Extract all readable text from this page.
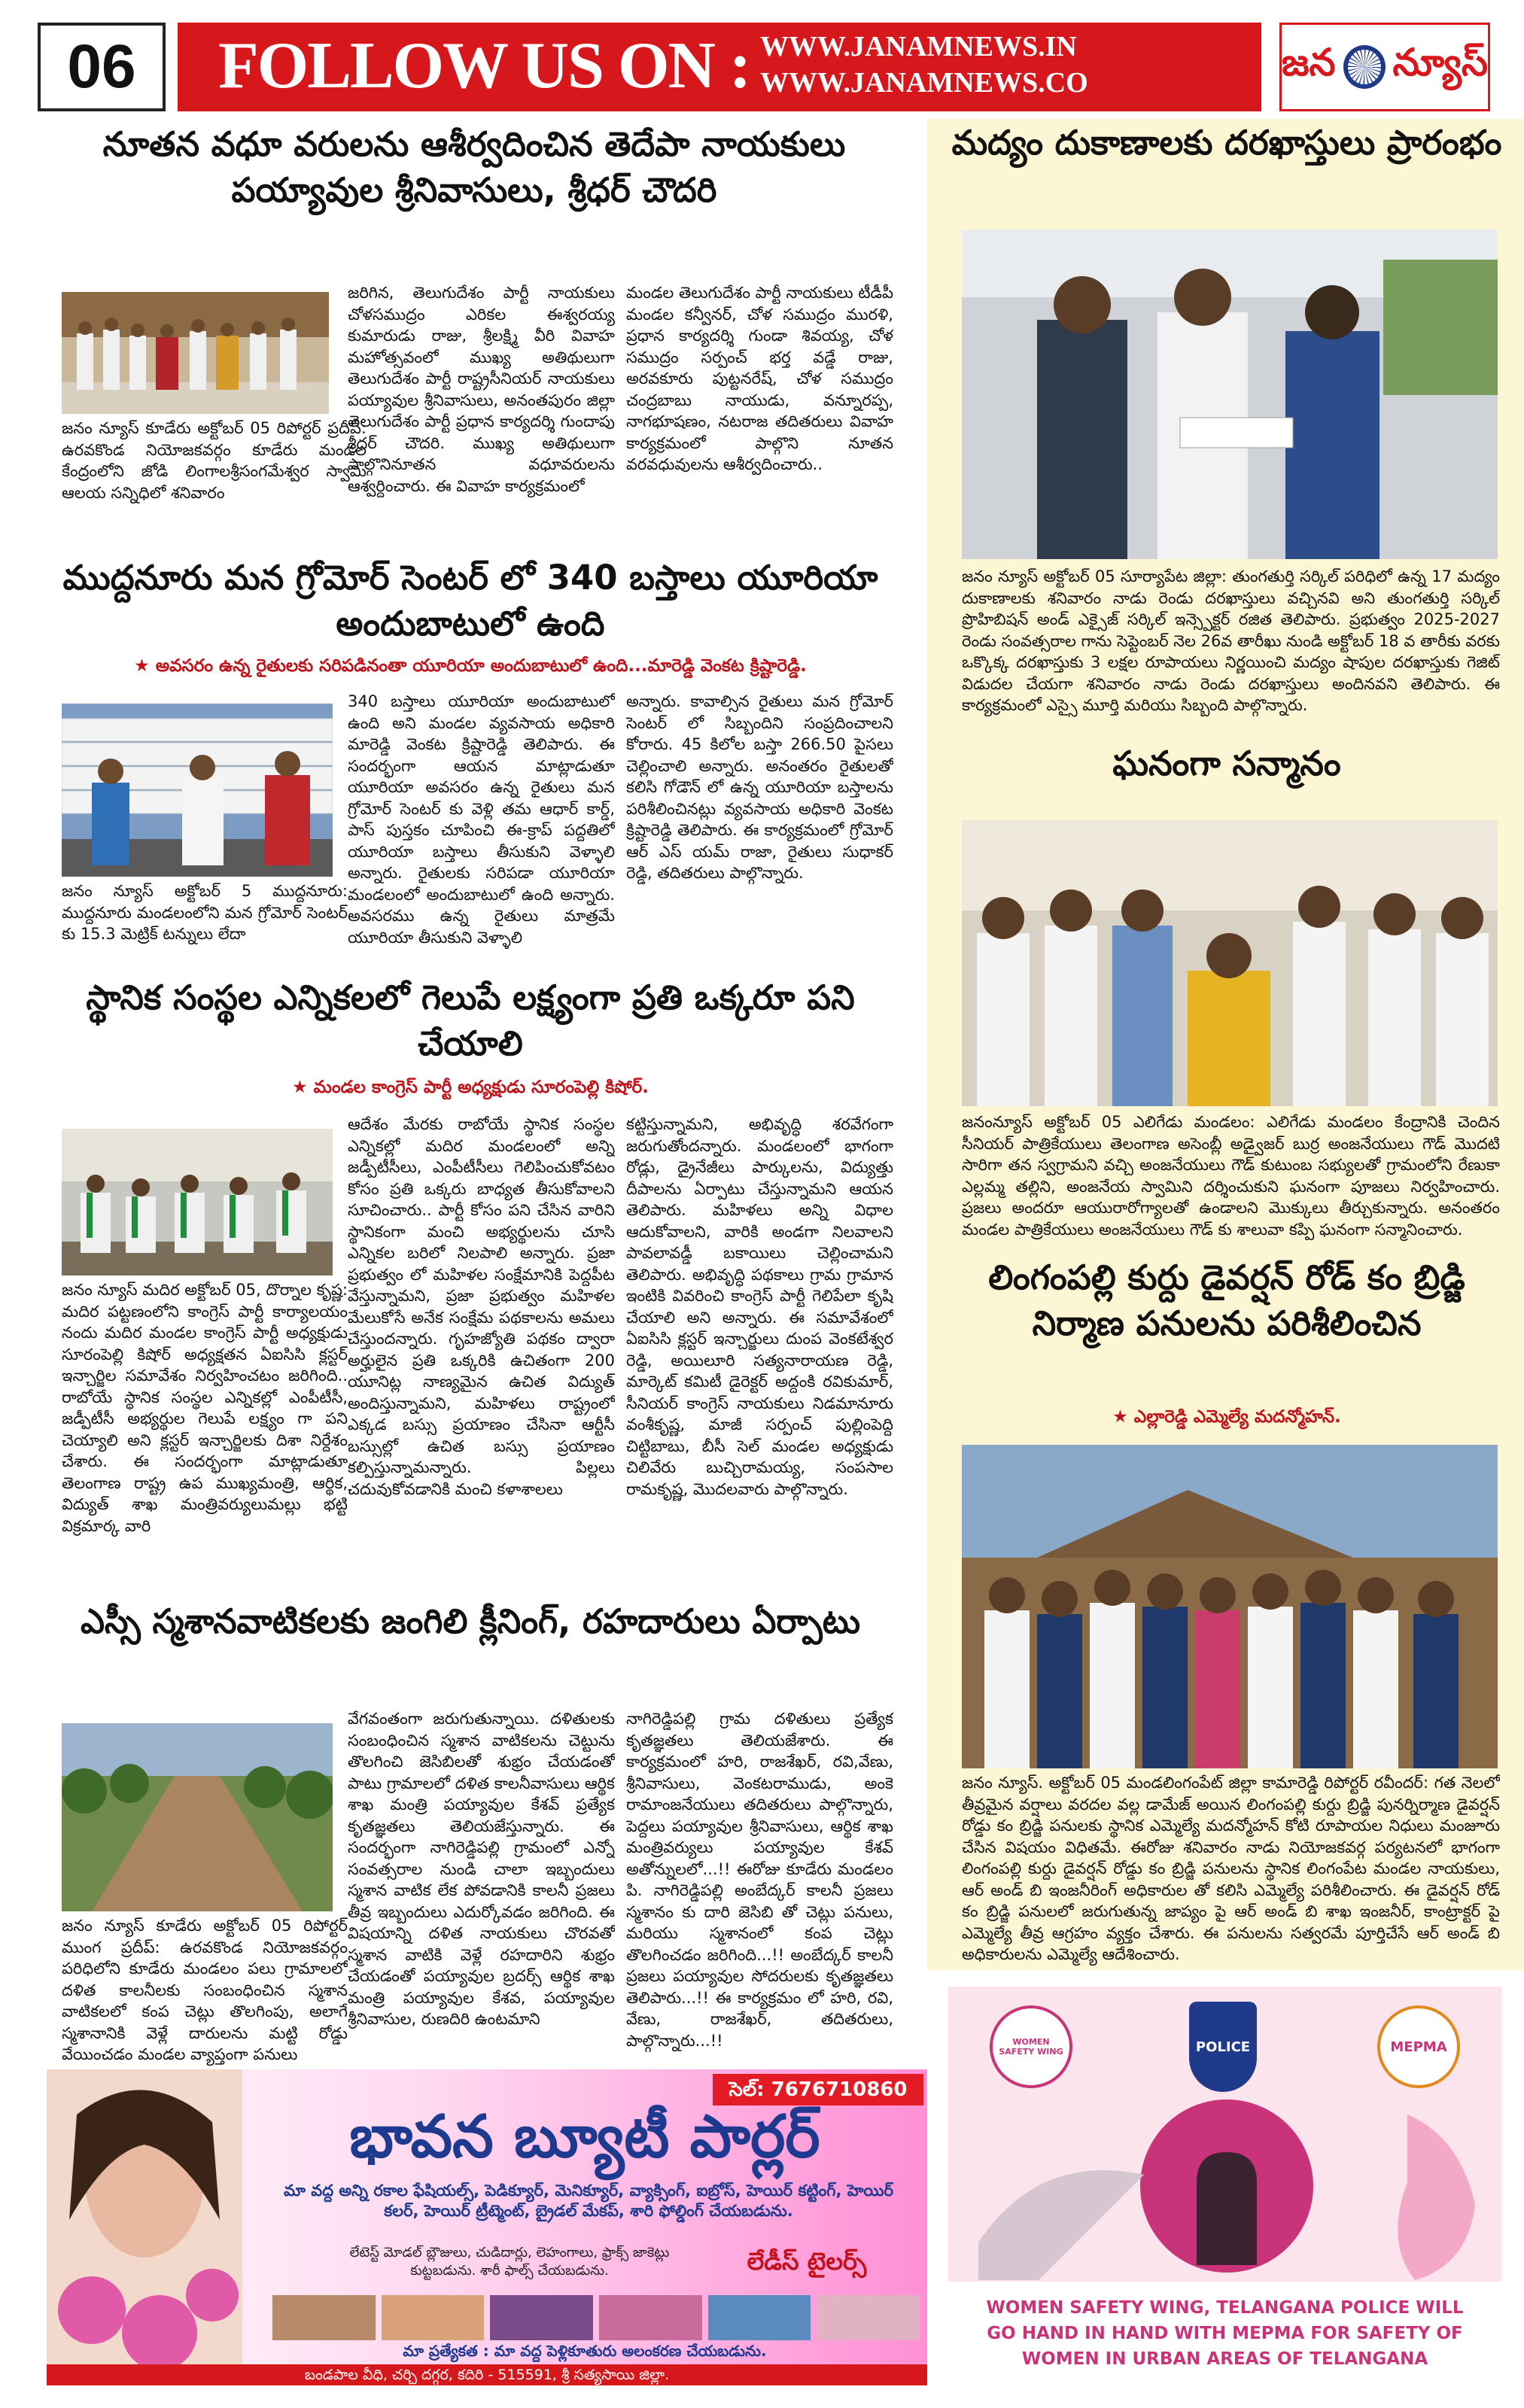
06	FOLLOW US ON : WWW.JANAMNEWS.IN
WWW.JANAMNEWS.CO	జన న్యూస్
నూతన వధూ వరులను ఆశీర్వదించిన తెదేపా నాయకులు పయ్యావుల శ్రీనివాసులు, శ్రీధర్ చౌదరి
జనం న్యూస్ కూడేరు అక్టోబర్ 05 రిపోర్టర్ ప్రదీప్: ఉరవకొండ నియోజకవర్గం కూడేరు మండల కేంద్రంలోని జోడి లింగాలశ్రీసంగమేశ్వర స్వామి ఆలయ సన్నిధిలో శనివారం
జరిగిన, తెలుగుదేశం పార్టీ నాయకులు చోళసముద్రం ఎరికల ఈశ్వరయ్య కుమారుడు రాజు, శ్రీలక్ష్మి వీరి వివాహ మహోత్సవంలో ముఖ్య అతిథులుగా తెలుగుదేశం పార్టీ రాష్ట్రసీనియర్ నాయకులు పయ్యావుల శ్రీనివాసులు, అనంతపురం జిల్లా తెలుగుదేశం పార్టీ ప్రధాన కార్యదర్శి గుందాపు శ్రీధర్ చౌదరి. ముఖ్య అతిథులుగా పాల్గొనినూతన వధూవరులను ఆశ్వర్దించారు. ఈ వివాహ కార్యక్రమంలో
మండల తెలుగుదేశం పార్టీ నాయకులు టీడీపీ మండల కన్వీనర్, చోళ సముద్రం మురళి, ప్రధాన కార్యదర్శి గుండా శివయ్య, చోళ సముద్రం సర్పంచ్ భర్త వడ్డే రాజు, అరవకూరు పుట్టనరేష్, చోళ సముద్రం చంద్రబాబు నాయుడు, వన్నూరప్ప, నాగభూషణం, నటరాజ తదితరులు వివాహ కార్యక్రమంలో పాల్గొని నూతన వరవధువులను ఆశీర్వదించారు..
ముద్దనూరు మన గ్రోమోర్ సెంటర్ లో 340 బస్తాలు యూరియా అందుబాటులో ఉంది
★ అవసరం ఉన్న రైతులకు సరిపడినంతా యూరియా అందుబాటులో ఉంది...మారెడ్డి వెంకట క్రిష్టారెడ్డి.
జనం న్యూస్ అక్టోబర్ 5 ముద్దనూరు: ముద్దనూరు మండలంలోని మన గ్రోమోర్ సెంటర్ కు 15.3 మెట్రిక్ టన్నులు లేదా
340 బస్తాలు యూరియా అందుబాటులో ఉంది అని మండల వ్యవసాయ అధికారి మారెడ్డి వెంకట క్రిష్టారెడ్డి తెలిపారు. ఈ సందర్భంగా ఆయన మాట్లాడుతూ యూరియా అవసరం ఉన్న రైతులు మన గ్రోమోర్ సెంటర్ కు వెళ్లి తమ ఆధార్ కార్డ్, పాస్ పుస్తకం చూపించి ఈ-క్రాప్ పద్దతిలో యూరియా బస్తాలు తీసుకుని వెళ్ళాలి అన్నారు. రైతులకు సరిపడా యూరియా మండలంలో అందుబాటులో ఉంది అన్నారు. అవసరము ఉన్న రైతులు మాత్రమే యూరియా తీసుకుని వెళ్ళాలి
అన్నారు. కావాల్సిన రైతులు మన గ్రోమోర్ సెంటర్ లో సిబ్బందిని సంప్రదించాలని కోరారు. 45 కిలోల బస్తా 266.50 పైసలు చెల్లించాలి అన్నారు. అనంతరం రైతులతో కలిసి గోడౌన్ లో ఉన్న యూరియా బస్తాలను పరిశీలించినట్లు వ్యవసాయ అధికారి వెంకట క్రిష్టారెడ్డి తెలిపారు. ఈ కార్యక్రమంలో గ్రోమోర్ ఆర్ ఎస్ యమ్ రాజా, రైతులు సుధాకర్ రెడ్డి, తదితరులు పాల్గొన్నారు.
స్థానిక సంస్థల ఎన్నికలలో గెలుపే లక్ష్యంగా ప్రతి ఒక్కరూ పని చేయాలి
★ మండల కాంగ్రెస్ పార్టీ అధ్యక్షుడు సూరంపెల్లి కిషోర్.
జనం న్యూస్ మదిర అక్టోబర్ 05, దొర్నాల కృష్ణ: మదిర పట్టణంలోని కాంగ్రెస్ పార్టీ కార్యాలయం నందు మదిర మండల కాంగ్రెస్ పార్టీ అధ్యక్షుడు సూరంపెల్లి కిషోర్ అధ్యక్షతన ఏఐసిసి క్లస్టర్ ఇన్చార్జిల సమావేశం నిర్వహించటం జరిగింది.. రాబోయే స్థానిక సంస్థల ఎన్నికల్లో ఎంపీటీసీ, జడ్పీటీసీ అభ్యర్థుల గెలుపే లక్ష్యం గా పని చెయ్యాలి అని క్లస్టర్ ఇన్చార్జిలకు దిశా నిర్దేశం చేశారు. ఈ సందర్భంగా మాట్లాడుతూ తెలంగాణ రాష్ట్ర ఉప ముఖ్యమంత్రి, ఆర్థిక, విద్యుత్ శాఖ మంత్రివర్యులుమల్లు భట్టి విక్రమార్క వారి
ఆదేశం మేరకు రాబోయే స్థానిక సంస్థల ఎన్నికల్లో మదిర మండలంలో అన్ని జడ్పీటీసీలు, ఎంపీటీసీలు గెలిపించుకోవటం కోసం ప్రతి ఒక్కరు బాధ్యత తీసుకోవాలని సూచించారు.. పార్టీ కోసం పని చేసిన వారిని స్థానికంగా మంచి అభ్యర్థులను చూసి ఎన్నికల బరిలో నిలపాలి అన్నారు. ప్రజా ప్రభుత్వం లో మహిళల సంక్షేమానికి పెద్దపీట వేస్తున్నామని, ప్రజా ప్రభుత్వం మహిళల మేలుకోసే అనేక సంక్షేమ పథకాలను అమలు చేస్తుందన్నారు. గృహజ్యోతి పథకం ద్వారా అర్హులైన ప్రతి ఒక్కరికి ఉచితంగా 200 యూనిట్ల నాణ్యమైన ఉచిత విద్యుత్ అందిస్తున్నామని, మహిళలు రాష్ట్రంలో ఎక్కడ బస్సు ప్రయాణం చేసినా ఆర్టీసీ బస్సుల్లో ఉచిత బస్సు ప్రయాణం కల్పిస్తున్నామన్నారు. పిల్లలు చదువుకోవడానికి మంచి కళాశాలలు
కట్టిస్తున్నామని, అభివృద్ధి శరవేగంగా జరుగుతోందన్నారు. మండలంలో భాగంగా రోడ్లు, డ్రైనేజీలు పార్కులను, విద్యుత్తు దీపాలను ఏర్పాటు చేస్తున్నామని ఆయన తెలిపారు. మహిళలు అన్ని విధాల ఆదుకోవాలని, వారికి అండగా నిలవాలని పావలావడ్డీ బకాయిలు చెల్లించామని తెలిపారు. అభివృద్ధి పథకాలు గ్రామ గ్రామాన ఇంటికి వివరించి కాంగ్రెస్ పార్టీ గెలిపేలా కృషి చేయాలి అని అన్నారు. ఈ సమావేశంలో ఏఐసిసి క్లస్టర్ ఇన్చార్జులు దుంప వెంకటేశ్వర రెడ్డి, అయిలూరి సత్యనారాయణ రెడ్డి, మార్కెట్ కమిటీ డైరెక్టర్ అద్దంకి రవికుమార్, సీనియర్ కాంగ్రెస్ నాయకులు నిడమానూరు వంశీకృష్ణ, మాజీ సర్పంచ్ పుల్లింపెద్ది చిట్టిబాబు, బీసీ సెల్ మండల అధ్యక్షుడు చిలివేరు బుచ్చిరామయ్య, సంపసాల రామకృష్ణ, మొదలవారు పాల్గొన్నారు.
ఎస్సీ స్మశానవాటికలకు జంగిలి క్లీనింగ్, రహదారులు ఏర్పాటు
జనం న్యూస్ కూడేరు అక్టోబర్ 05 రిపోర్టర్ ముంగ ప్రదీప్: ఉరవకొండ నియోజకవర్గం పరిధిలోని కూడేరు మండలం పలు గ్రామాలలో దళిత కాలనీలకు సంబంధించిన స్మశాన వాటికలలో కంప చెట్లు తొలగింపు, అలాగే స్మశానానికి వెళ్లే దారులను మట్టి రోడ్డు వేయించడం మండల వ్యాప్తంగా పనులు
వేగవంతంగా జరుగుతున్నాయి. దళితులకు సంబంధించిన స్మశాన వాటికలను చెట్టును తొలగించి జెసిబిలతో శుభ్రం చేయడంతో పాటు గ్రామాలలో దళిత కాలనీవాసులు ఆర్థిక శాఖ మంత్రి పయ్యావుల కేశవ్ ప్రత్యేక కృతజ్ఞతలు తెలియజేస్తున్నారు. ఈ సందర్భంగా నాగిరెడ్డిపల్లి గ్రామంలో ఎన్నో సంవత్సరాల నుండి చాలా ఇబ్బందులు స్మశాన వాటిక లేక పోవడానికి కాలనీ ప్రజలు తీవ్ర ఇబ్బందులు ఎదుర్కోవడం జరిగింది. ఈ విషయాన్ని దళిత నాయకులు చొరవతో స్మశాన వాటికి వెళ్లే రహదారిని శుభ్రం చేయడంతో పయ్యావుల బ్రదర్స్ ఆర్థిక శాఖ మంత్రి పయ్యావుల కేశవ, పయ్యావుల శ్రీనివాసుల, రుణదిరి ఉంటమాని
నాగిరెడ్డిపల్లి గ్రామ దళితులు ప్రత్యేక కృతజ్ఞతలు తెలియజేశారు. ఈ కార్యక్రమంలో హరి, రాజశేఖర్, రవి,వేణు, శ్రీనివాసులు, వెంకటరాముడు, అంకె రామాంజనేయులు తదితరులు పాల్గొన్నారు, పెద్దలు పయ్యావుల శ్రీనివాసులు, ఆర్థిక శాఖ మంత్రివర్యులు పయ్యావుల కేశవ్ అతోన్నులలో...!! ఈరోజు కూడేరు మండలం పి. నాగిరెడ్డిపల్లి అంబేద్కర్ కాలనీ ప్రజలు స్మశానం కు దారి జెసిబి తో చెట్లు పనులు, మరియు స్మశానంలో కంప చెట్లు తొలగించడం జరిగింది...!! అంబేద్కర్ కాలనీ ప్రజలు పయ్యావుల సోదరులకు కృతజ్ఞతలు తెలిపారు...!! ఈ కార్యక్రమం లో హరి, రవి, వేణు, రాజశేఖర్, తదితరులు, పాల్గొన్నారు...!!
మద్యం దుకాణాలకు దరఖాస్తులు ప్రారంభం
జనం న్యూస్ అక్టోబర్ 05 సూర్యాపేట జిల్లా: తుంగతుర్తి సర్కిల్ పరిధిలో ఉన్న 17 మద్యం దుకాణాలకు శనివారం నాడు రెండు దరఖాస్తులు వచ్చినవి అని తుంగతుర్తి సర్కిల్ ప్రొహిబిషన్ అండ్ ఎక్సైజ్ సర్కిల్ ఇన్స్పెక్టర్ రజిత తెలిపారు. ప్రభుత్వం 2025-2027 రెండు సంవత్సరాల గాను సెప్టెంబర్ నెల 26వ తారీఖు నుండి అక్టోబర్ 18 వ తారీకు వరకు ఒక్కొక్క దరఖాస్తుకు 3 లక్షల రూపాయలు నిర్ణయించి మద్యం షాపుల దరఖాస్తుకు గెజిట్ విడుదల చేయగా శనివారం నాడు రెండు దరఖాస్తులు అందినవని తెలిపారు. ఈ కార్యక్రమంలో ఎస్సై మూర్తి మరియు సిబ్బంది పాల్గొన్నారు.
ఘనంగా సన్మానం
జనంన్యూస్ అక్టోబర్ 05 ఎలిగేడు మండలం: ఎలిగేడు మండలం కేంద్రానికి చెందిన సీనియర్ పాత్రికేయులు తెలంగాణ అసెంబ్లీ అడ్వైజర్ బుర్ర అంజనేయులు గౌడ్ మొదటి సారిగా తన స్వగ్రామని వచ్చి అంజనేయులు గౌడ్ కుటుంబ సభ్యులతో గ్రామంలోని రేణుకా ఎల్లమ్మ తల్లిని, అంజనేయ స్వామిని దర్శించుకుని ఘనంగా పూజలు నిర్వహించారు. ప్రజలు అందరూ ఆయురారోగ్యాలతో ఉండాలని మొక్కులు తీర్చుకున్నారు. అనంతరం మండల పాత్రికేయులు అంజనేయులు గౌడ్ కు శాలువా కప్పి ఘనంగా సన్మానించారు.
లింగంపల్లి కుర్దు డైవర్షన్ రోడ్ కం బ్రిడ్జి నిర్మాణ పనులను పరిశీలించిన
★ ఎల్లారెడ్డి ఎమ్మెల్యే మదన్మోహన్.
జనం న్యూస్. అక్టోబర్ 05 మండలింగంపేట్ జిల్లా కామారెడ్డి రిపోర్టర్ రవీందర్: గత నెలలో తీవ్రమైన వర్షాలు వరదల వల్ల డామేజ్ అయిన లింగంపల్లి కుర్దు బ్రిడ్జి పునర్నిర్మాణ డైవర్షన్ రోడ్డు కం బ్రిడ్జి పనులకు స్థానిక ఎమ్మెల్యే మదన్మోహన్ కోటి రూపాయల నిధులు మంజూరు చేసిన విషయం విధితమే. ఈరోజు శనివారం నాడు నియోజకవర్గ పర్యటనలో భాగంగా లింగంపల్లి కుర్దు డైవర్షన్ రోడ్డు కం బ్రిడ్జి పనులను స్థానిక లింగంపేట మండల నాయకులు, ఆర్ అండ్ బి ఇంజనీరింగ్ అధికారుల తో కలిసి ఎమ్మెల్యే పరిశీలించారు. ఈ డైవర్షన్ రోడ్ కం బ్రిడ్జి పనులలో జరుగుతున్న జాప్యం పై ఆర్ అండ్ బి శాఖ ఇంజనీర్, కాంట్రాక్టర్ పై ఎమ్మెల్యే తీవ్ర ఆగ్రహం వ్యక్తం చేశారు. ఈ పనులను సత్వరమే పూర్తిచేసే ఆర్ అండ్ బి అధికారులను ఎమ్మెల్యే ఆదేశించారు.
సెల్: 7676710860
భావన బ్యూటీ పార్లర్
మా వద్ద అన్ని రకాల ఫేషియల్స్, పెడిక్యూర్, మెనిక్యూర్, వ్యాక్సింగ్, ఐబ్రోస్, హెయిర్ కట్టింగ్, హెయిర్ కలర్, హెయిర్ ట్రీట్మెంట్, బ్రైడల్ మేకప్, శారి ఫోల్డింగ్ చేయబడును.
లేడీస్ టైలర్స్
లేటెస్ట్ మోడల్ బ్లౌజులు, చుడిదార్లు, లెహంగాలు, ఫ్రాక్స్ జాకెట్లు కుట్టబడును. శారీ ఫాల్స్ చేయబడును.
మా ప్రత్యేకత : మా వద్ద పెళ్లికూతురు అలంకరణ చేయబడును.
బండపాల వీధి, చర్చి దగ్గర, కదిరి - 515591, శ్రీ సత్యసాయి జిల్లా.
WOMEN SAFETY WING	POLICE	MEPMA
WOMEN SAFETY WING, TELANGANA POLICE WILL GO HAND IN HAND WITH MEPMA FOR SAFETY OF WOMEN IN URBAN AREAS OF TELANGANA
